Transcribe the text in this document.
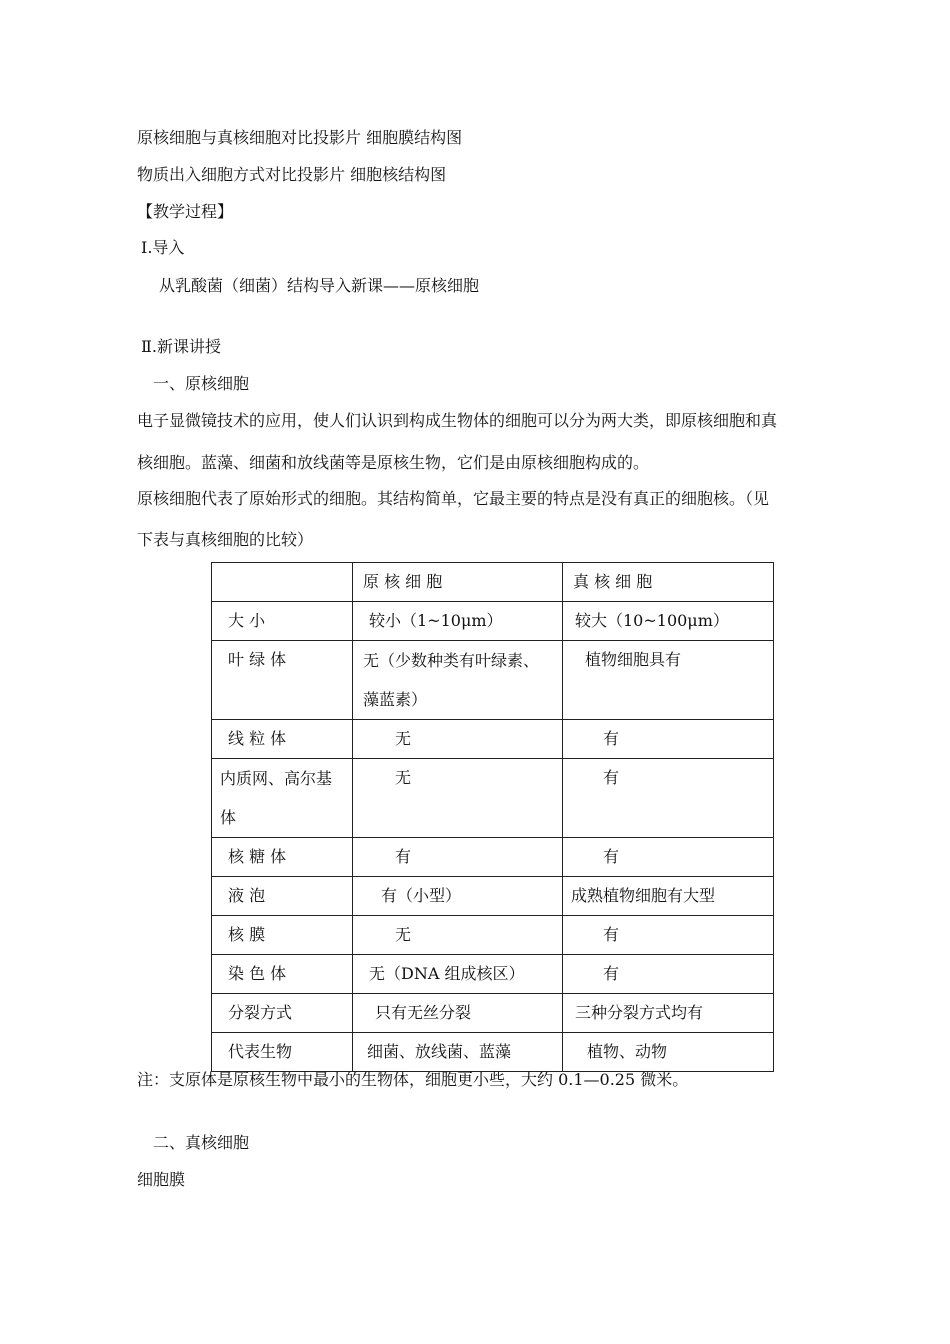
原核细胞与真核细胞对比投影片 细胞膜结构图
物质出入细胞方式对比投影片 细胞核结构图
【教学过程】
Ⅰ.导入
从乳酸菌（细菌）结构导入新课——原核细胞
Ⅱ.新课讲授
一、原核细胞
电子显微镜技术的应用，使人们认识到构成生物体的细胞可以分为两大类，即原核细胞和真
核细胞。蓝藻、细菌和放线菌等是原核生物，它们是由原核细胞构成的。
原核细胞代表了原始形式的细胞。其结构简单，它最主要的特点是没有真正的细胞核。（见
下表与真核细胞的比较）
	原 核 细 胞	真 核 细 胞
大 小	较小（1~10μm）	较大（10~100μm）
叶 绿 体	无（少数种类有叶绿素、藻蓝素）	植物细胞具有
线 粒 体	无	有
内质网、高尔基体	无	有
核 糖 体	有	有
液 泡	有（小型）	成熟植物细胞有大型
核 膜	无	有
染 色 体	无（DNA 组成核区）	有
分裂方式	只有无丝分裂	三种分裂方式均有
代表生物	细菌、放线菌、蓝藻	植物、动物
注：支原体是原核生物中最小的生物体，细胞更小些，大约 0.1—0.25 微米。
二、真核细胞
细胞膜
